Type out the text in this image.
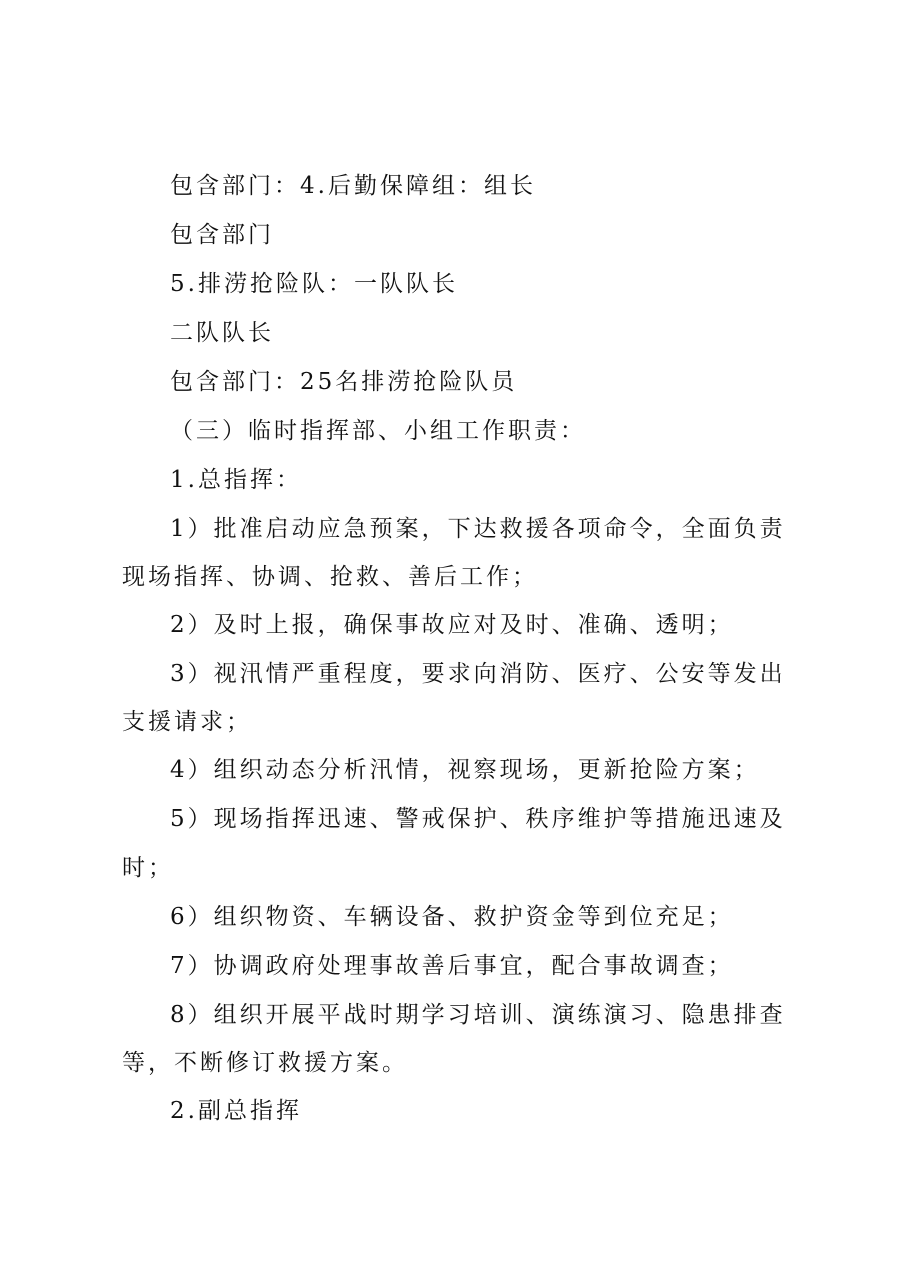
包含部门：4.后勤保障组：组长

包含部门

5.排涝抢险队：一队队长

二队队长

包含部门：25名排涝抢险队员

（三）临时指挥部、小组工作职责：

1.总指挥：

1）批准启动应急预案，下达救援各项命令，全面负责现场指挥、协调、抢救、善后工作；

2）及时上报，确保事故应对及时、准确、透明；

3）视汛情严重程度，要求向消防、医疗、公安等发出支援请求；

4）组织动态分析汛情，视察现场，更新抢险方案；

5）现场指挥迅速、警戒保护、秩序维护等措施迅速及时；

6）组织物资、车辆设备、救护资金等到位充足；

7）协调政府处理事故善后事宜，配合事故调查；

8）组织开展平战时期学习培训、演练演习、隐患排查等，不断修订救援方案。

2.副总指挥
